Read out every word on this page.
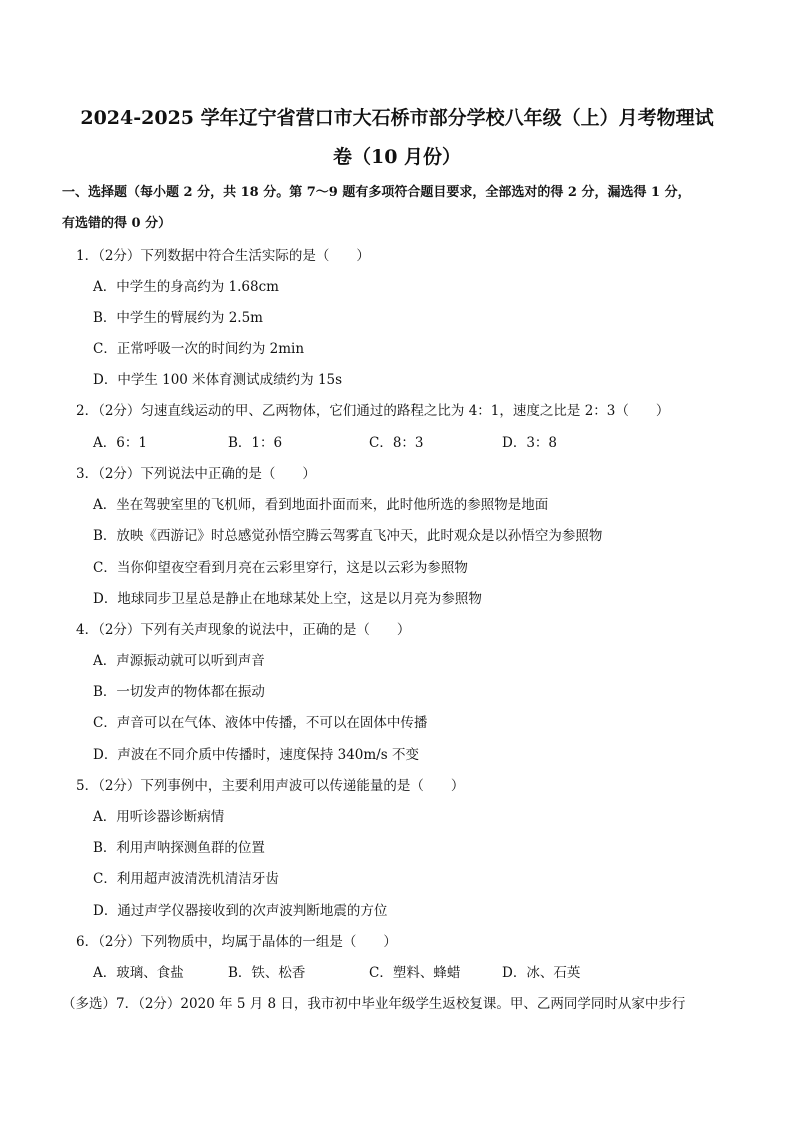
2024-2025 学年辽宁省营口市大石桥市部分学校八年级（上）月考物理试
卷（10 月份）
一、选择题（每小题 2 分，共 18 分。第 7～9 题有多项符合题目要求，全部选对的得 2 分，漏选得 1 分，
有选错的得 0 分）
1．（2分）下列数据中符合生活实际的是（　　）
A．中学生的身高约为 1.68cm
B．中学生的臂展约为 2.5m
C．正常呼吸一次的时间约为 2min
D．中学生 100 米体育测试成绩约为 15s
2．（2分）匀速直线运动的甲、乙两物体，它们通过的路程之比为 4：1，速度之比是 2：3（　　）
A．6：1	B．1：6	C．8：3	D．3：8
3．（2分）下列说法中正确的是（　　）
A．坐在驾驶室里的飞机师，看到地面扑面而来，此时他所选的参照物是地面
B．放映《西游记》时总感觉孙悟空腾云驾雾直飞冲天，此时观众是以孙悟空为参照物
C．当你仰望夜空看到月亮在云彩里穿行，这是以云彩为参照物
D．地球同步卫星总是静止在地球某处上空，这是以月亮为参照物
4．（2分）下列有关声现象的说法中，正确的是（　　）
A．声源振动就可以听到声音
B．一切发声的物体都在振动
C．声音可以在气体、液体中传播，不可以在固体中传播
D．声波在不同介质中传播时，速度保持 340m/s 不变
5．（2分）下列事例中，主要利用声波可以传递能量的是（　　）
A．用听诊器诊断病情
B．利用声呐探测鱼群的位置
C．利用超声波清洗机清洁牙齿
D．通过声学仪器接收到的次声波判断地震的方位
6．（2分）下列物质中，均属于晶体的一组是（　　）
A．玻璃、食盐	B．铁、松香	C．塑料、蜂蜡	D．冰、石英
（多选）7．（2分）2020 年 5 月 8 日，我市初中毕业年级学生返校复课。甲、乙两同学同时从家中步行
